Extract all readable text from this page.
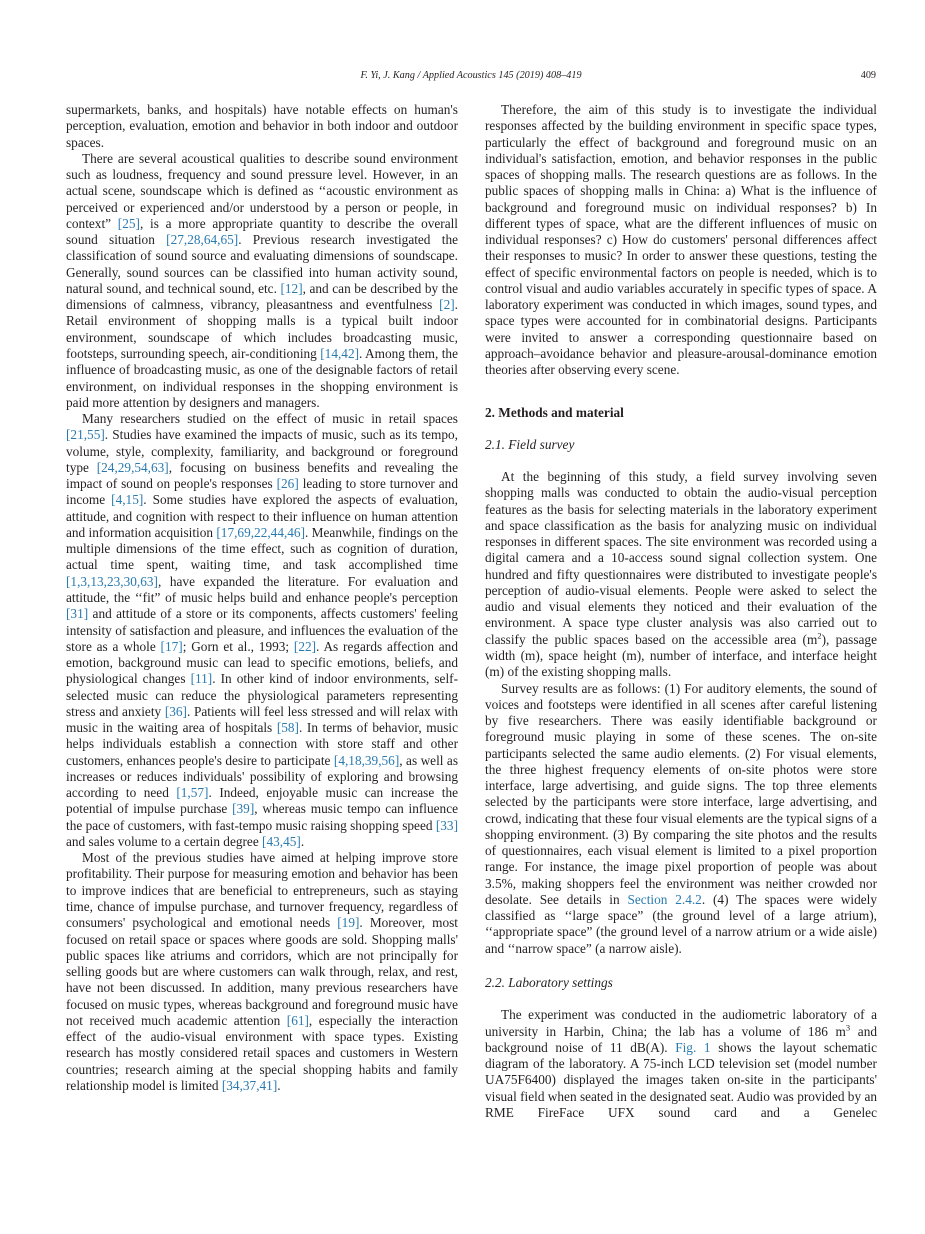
F. Yi, J. Kang / Applied Acoustics 145 (2019) 408–419	409

supermarkets, banks, and hospitals) have notable effects on human's perception, evaluation, emotion and behavior in both indoor and outdoor spaces.

There are several acoustical qualities to describe sound environment such as loudness, frequency and sound pressure level. However, in an actual scene, soundscape which is defined as ‘‘acoustic environment as perceived or experienced and/or understood by a person or people, in context” [25], is a more appropriate quantity to describe the overall sound situation [27,28,64,65]. Previous research investigated the classification of sound source and evaluating dimensions of soundscape. Generally, sound sources can be classified into human activity sound, natural sound, and technical sound, etc. [12], and can be described by the dimensions of calmness, vibrancy, pleasantness and eventfulness [2]. Retail environment of shopping malls is a typical built indoor environment, soundscape of which includes broadcasting music, footsteps, surrounding speech, air-conditioning [14,42]. Among them, the influence of broadcasting music, as one of the designable factors of retail environment, on individual responses in the shopping environment is paid more attention by designers and managers.

Many researchers studied on the effect of music in retail spaces [21,55]. Studies have examined the impacts of music, such as its tempo, volume, style, complexity, familiarity, and background or foreground type [24,29,54,63], focusing on business benefits and revealing the impact of sound on people's responses [26] leading to store turnover and income [4,15]. Some studies have explored the aspects of evaluation, attitude, and cognition with respect to their influence on human attention and information acquisition [17,69,22,44,46]. Meanwhile, findings on the multiple dimensions of the time effect, such as cognition of duration, actual time spent, waiting time, and task accomplished time [1,3,13,23,30,63], have expanded the literature. For evaluation and attitude, the ‘‘fit” of music helps build and enhance people's perception [31] and attitude of a store or its components, affects customers' feeling intensity of satisfaction and pleasure, and influences the evaluation of the store as a whole [17]; Gorn et al., 1993; [22]. As regards affection and emotion, background music can lead to specific emotions, beliefs, and physiological changes [11]. In other kind of indoor environments, self-selected music can reduce the physiological parameters representing stress and anxiety [36]. Patients will feel less stressed and will relax with music in the waiting area of hospitals [58]. In terms of behavior, music helps individuals establish a connection with store staff and other customers, enhances people's desire to participate [4,18,39,56], as well as increases or reduces individuals' possibility of exploring and browsing according to need [1,57]. Indeed, enjoyable music can increase the potential of impulse purchase [39], whereas music tempo can influence the pace of customers, with fast-tempo music raising shopping speed [33] and sales volume to a certain degree [43,45].

Most of the previous studies have aimed at helping improve store profitability. Their purpose for measuring emotion and behavior has been to improve indices that are beneficial to entrepreneurs, such as staying time, chance of impulse purchase, and turnover frequency, regardless of consumers' psychological and emotional needs [19]. Moreover, most focused on retail space or spaces where goods are sold. Shopping malls' public spaces like atriums and corridors, which are not principally for selling goods but are where customers can walk through, relax, and rest, have not been discussed. In addition, many previous researchers have focused on music types, whereas background and foreground music have not received much academic attention [61], especially the interaction effect of the audio-visual environment with space types. Existing research has mostly considered retail spaces and customers in Western countries; research aiming at the special shopping habits and family relationship model is limited [34,37,41].

Therefore, the aim of this study is to investigate the individual responses affected by the building environment in specific space types, particularly the effect of background and foreground music on an individual's satisfaction, emotion, and behavior responses in the public spaces of shopping malls. The research questions are as follows. In the public spaces of shopping malls in China: a) What is the influence of background and foreground music on individual responses? b) In different types of space, what are the different influences of music on individual responses? c) How do customers' personal differences affect their responses to music? In order to answer these questions, testing the effect of specific environmental factors on people is needed, which is to control visual and audio variables accurately in specific types of space. A laboratory experiment was conducted in which images, sound types, and space types were accounted for in combinatorial designs. Participants were invited to answer a corresponding questionnaire based on approach–avoidance behavior and pleasure-arousal-dominance emotion theories after observing every scene.

2. Methods and material
2.1. Field survey

At the beginning of this study, a field survey involving seven shopping malls was conducted to obtain the audio-visual perception features as the basis for selecting materials in the laboratory experiment and space classification as the basis for analyzing music on individual responses in different spaces. The site environment was recorded using a digital camera and a 10-access sound signal collection system. One hundred and fifty questionnaires were distributed to investigate people's perception of audio-visual elements. People were asked to select the audio and visual elements they noticed and their evaluation of the environment. A space type cluster analysis was also carried out to classify the public spaces based on the accessible area $(m^2)$, passage width (m), space height (m), number of interface, and interface height (m) of the existing shopping malls.

Survey results are as follows: (1) For auditory elements, the sound of voices and footsteps were identified in all scenes after careful listening by five researchers. There was easily identifiable background or foreground music playing in some of these scenes. The on-site participants selected the same audio elements. (2) For visual elements, the three highest frequency elements of on-site photos were store interface, large advertising, and guide signs. The top three elements selected by the participants were store interface, large advertising, and crowd, indicating that these four visual elements are the typical signs of a shopping environment. (3) By comparing the site photos and the results of questionnaires, each visual element is limited to a pixel proportion range. For instance, the image pixel proportion of people was about 3.5%, making shoppers feel the environment was neither crowded nor desolate. See details in Section 2.4.2. (4) The spaces were widely classified as ‘‘large space” (the ground level of a large atrium), ‘‘appropriate space” (the ground level of a narrow atrium or a wide aisle) and ‘‘narrow space” (a narrow aisle).

2.2. Laboratory settings

The experiment was conducted in the audiometric laboratory of a university in Harbin, China; the lab has a volume of 186 $m^3$ and background noise of 11 dB(A). Fig. 1 shows the layout schematic diagram of the laboratory. A 75-inch LCD television set (model number UA75F6400) displayed the images taken on-site in the participants' visual field when seated in the designated seat. Audio was provided by an RME FireFace UFX sound card and a Genelec
